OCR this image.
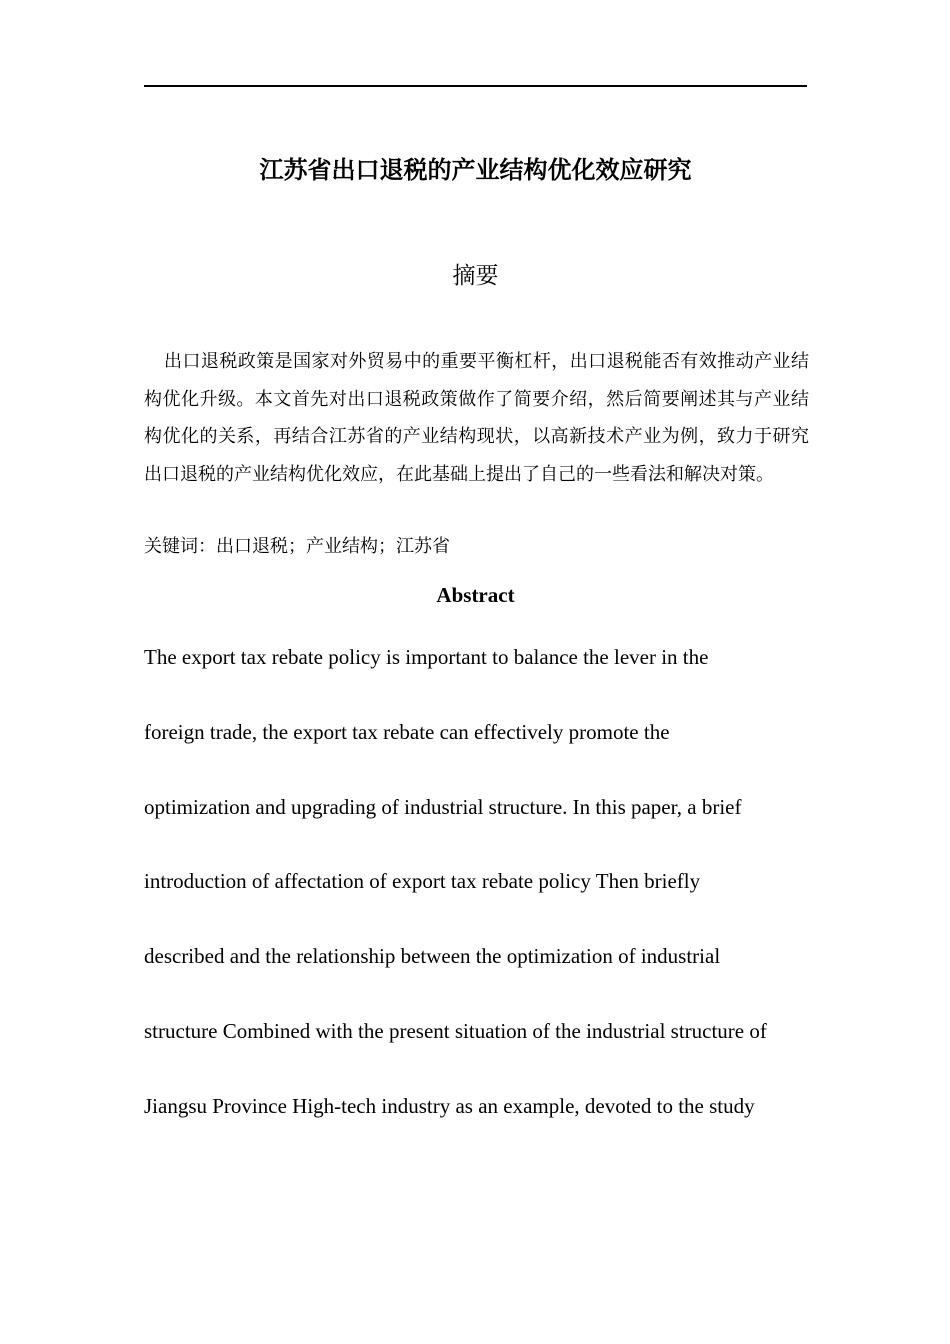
江苏省出口退税的产业结构优化效应研究
摘要

出口退税政策是国家对外贸易中的重要平衡杠杆，出口退税能否有效推动产业结构优化升级。本文首先对出口退税政策做作了简要介绍，然后简要阐述其与产业结构优化的关系，再结合江苏省的产业结构现状，以高新技术产业为例，致力于研究出口退税的产业结构优化效应，在此基础上提出了自己的一些看法和解决对策。

关键词：出口退税；产业结构；江苏省
Abstract
The export tax rebate policy is important to balance the lever in the
foreign trade, the export tax rebate can effectively promote the
optimization and upgrading of industrial structure. In this paper, a brief
introduction of affectation of export tax rebate policy Then briefly
described and the relationship between the optimization of industrial
structure Combined with the present situation of the industrial structure of
Jiangsu Province High-tech industry as an example, devoted to the study
